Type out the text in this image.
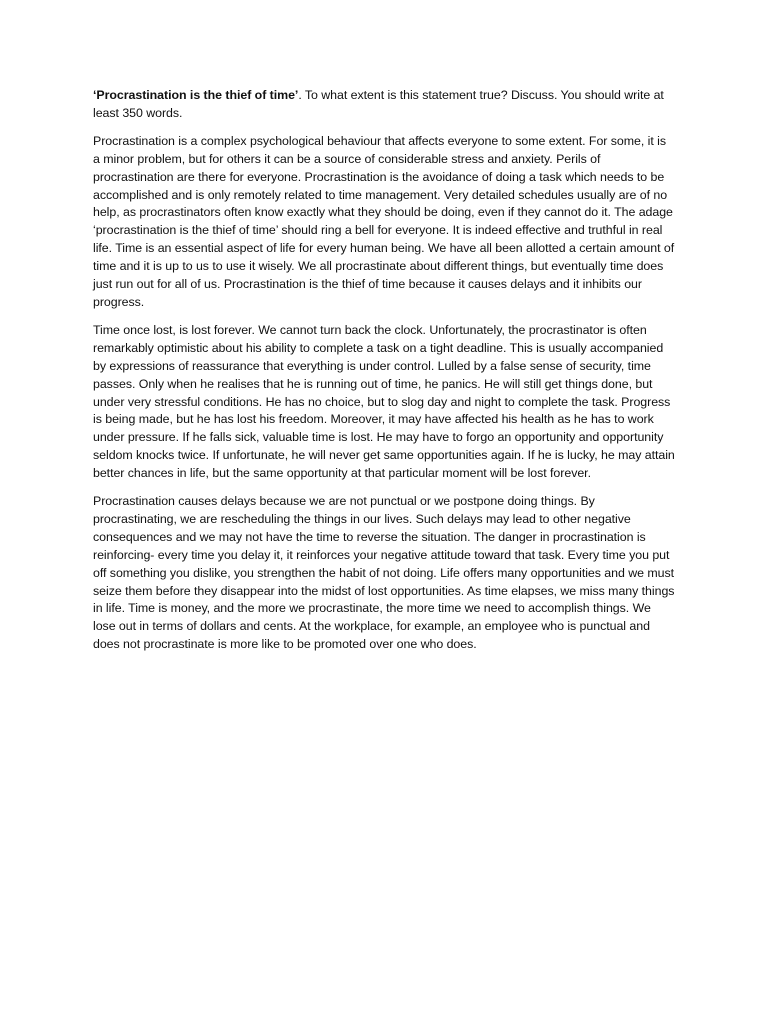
‘Procrastination is the thief of time’. To what extent is this statement true? Discuss. You should write at least 350 words.

Procrastination is a complex psychological behaviour that affects everyone to some extent. For some, it is a minor problem, but for others it can be a source of considerable stress and anxiety. Perils of procrastination are there for everyone. Procrastination is the avoidance of doing a task which needs to be accomplished and is only remotely related to time management. Very detailed schedules usually are of no help, as procrastinators often know exactly what they should be doing, even if they cannot do it. The adage ‘procrastination is the thief of time’ should ring a bell for everyone. It is indeed effective and truthful in real life. Time is an essential aspect of life for every human being. We have all been allotted a certain amount of time and it is up to us to use it wisely. We all procrastinate about different things, but eventually time does just run out for all of us. Procrastination is the thief of time because it causes delays and it inhibits our progress.

Time once lost, is lost forever. We cannot turn back the clock. Unfortunately, the procrastinator is often remarkably optimistic about his ability to complete a task on a tight deadline. This is usually accompanied by expressions of reassurance that everything is under control. Lulled by a false sense of security, time passes. Only when he realises that he is running out of time, he panics. He will still get things done, but under very stressful conditions. He has no choice, but to slog day and night to complete the task. Progress is being made, but he has lost his freedom. Moreover, it may have affected his health as he has to work under pressure. If he falls sick, valuable time is lost. He may have to forgo an opportunity and opportunity seldom knocks twice. If unfortunate, he will never get same opportunities again. If he is lucky, he may attain better chances in life, but the same opportunity at that particular moment will be lost forever.

Procrastination causes delays because we are not punctual or we postpone doing things. By procrastinating, we are rescheduling the things in our lives. Such delays may lead to other negative consequences and we may not have the time to reverse the situation. The danger in procrastination is reinforcing- every time you delay it, it reinforces your negative attitude toward that task. Every time you put off something you dislike, you strengthen the habit of not doing. Life offers many opportunities and we must seize them before they disappear into the midst of lost opportunities. As time elapses, we miss many things in life. Time is money, and the more we procrastinate, the more time we need to accomplish things. We lose out in terms of dollars and cents. At the workplace, for example, an employee who is punctual and does not procrastinate is more like to be promoted over one who does.
